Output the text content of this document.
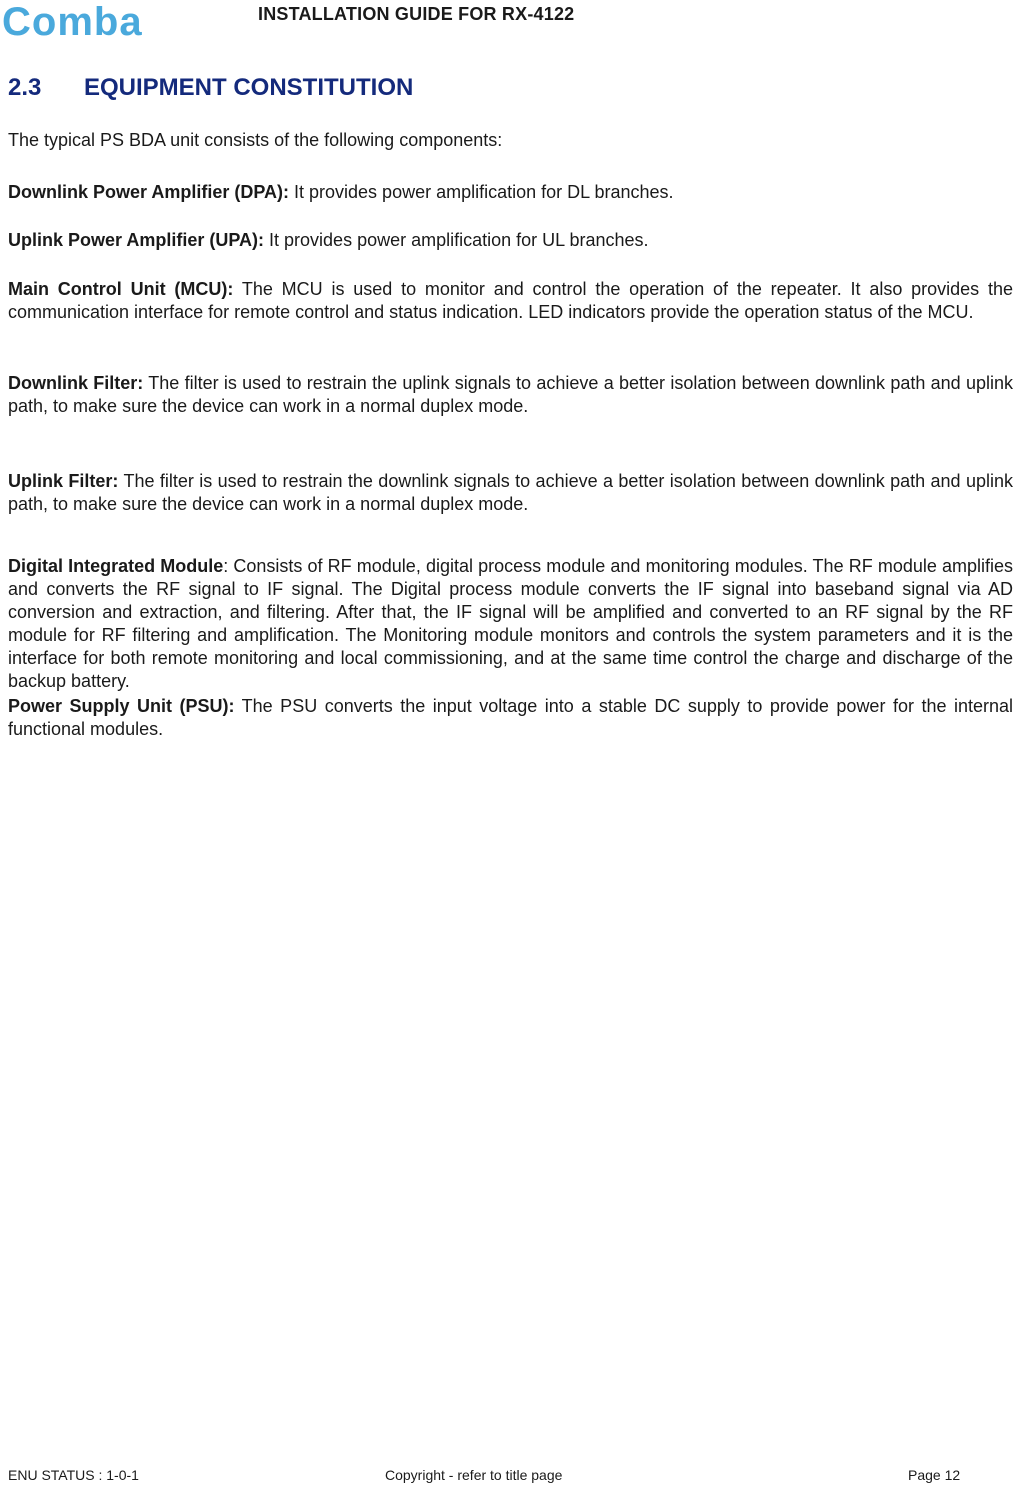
Comba	INSTALLATION GUIDE FOR RX-4122
2.3 EQUIPMENT CONSTITUTION
The typical PS BDA unit consists of the following components:
Downlink Power Amplifier (DPA): It provides power amplification for DL branches.
Uplink Power Amplifier (UPA): It provides power amplification for UL branches.
Main Control Unit (MCU): The MCU is used to monitor and control the operation of the repeater. It also provides the communication interface for remote control and status indication. LED indicators provide the operation status of the MCU.
Downlink Filter: The filter is used to restrain the uplink signals to achieve a better isolation between downlink path and uplink path, to make sure the device can work in a normal duplex mode.
Uplink Filter: The filter is used to restrain the downlink signals to achieve a better isolation between downlink path and uplink path, to make sure the device can work in a normal duplex mode.
Digital Integrated Module: Consists of RF module, digital process module and monitoring modules. The RF module amplifies and converts the RF signal to IF signal. The Digital process module converts the IF signal into baseband signal via AD conversion and extraction, and filtering. After that, the IF signal will be amplified and converted to an RF signal by the RF module for RF filtering and amplification. The Monitoring module monitors and controls the system parameters and it is the interface for both remote monitoring and local commissioning, and at the same time control the charge and discharge of the backup battery.
Power Supply Unit (PSU): The PSU converts the input voltage into a stable DC supply to provide power for the internal functional modules.
ENU STATUS : 1-0-1	Copyright - refer to title page	Page 12
